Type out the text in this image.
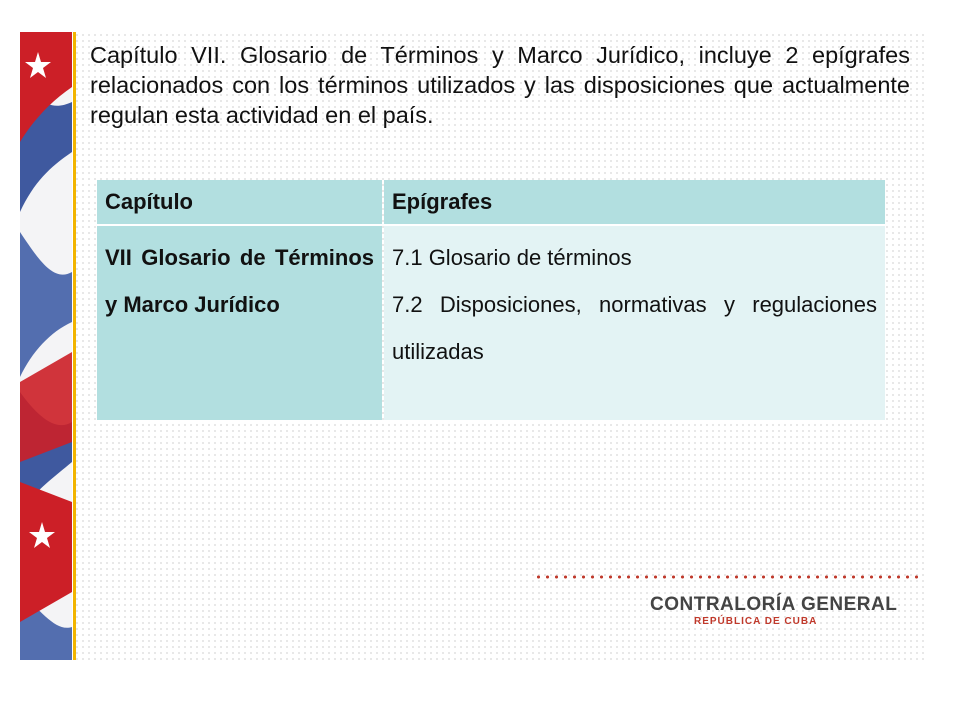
Capítulo VII. Glosario de Términos y Marco Jurídico, incluye 2 epígrafes relacionados con los términos utilizados y las disposiciones que actualmente regulan esta actividad en el país.

Capítulo	Epígrafes
VII Glosario de Términos y Marco Jurídico	7.1 Glosario de términos
7.2 Disposiciones, normativas y regulaciones utilizadas
CONTRALORÍA GENERAL
REPÚBLICA DE CUBA
